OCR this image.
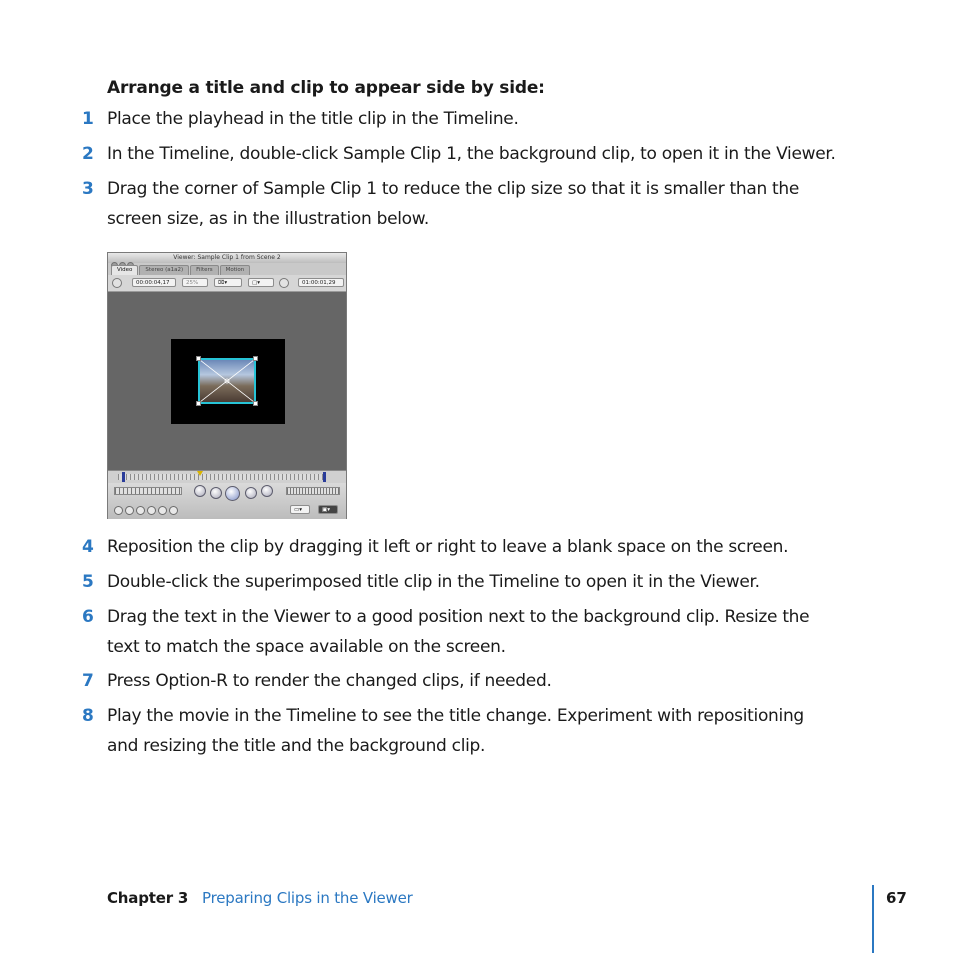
Arrange a title and clip to appear side by side:
1 Place the playhead in the title clip in the Timeline.
2 In the Timeline, double-click Sample Clip 1, the background clip, to open it in the Viewer.
3 Drag the corner of Sample Clip 1 to reduce the clip size so that it is smaller than the
screen size, as in the illustration below.
Viewer: Sample Clip 1 from Scene 2
Video	Stereo (a1a2)	Filters	Motion
00:00:04,17	25%	⌧▾	▢▾	01:00:01,29
▭▾	▣▾
4 Reposition the clip by dragging it left or right to leave a blank space on the screen.
5 Double-click the superimposed title clip in the Timeline to open it in the Viewer.
6 Drag the text in the Viewer to a good position next to the background clip. Resize the
text to match the space available on the screen.
7 Press Option-R to render the changed clips, if needed.
8 Play the movie in the Timeline to see the title change. Experiment with repositioning
and resizing the title and the background clip.
Chapter 3 Preparing Clips in the Viewer	67
